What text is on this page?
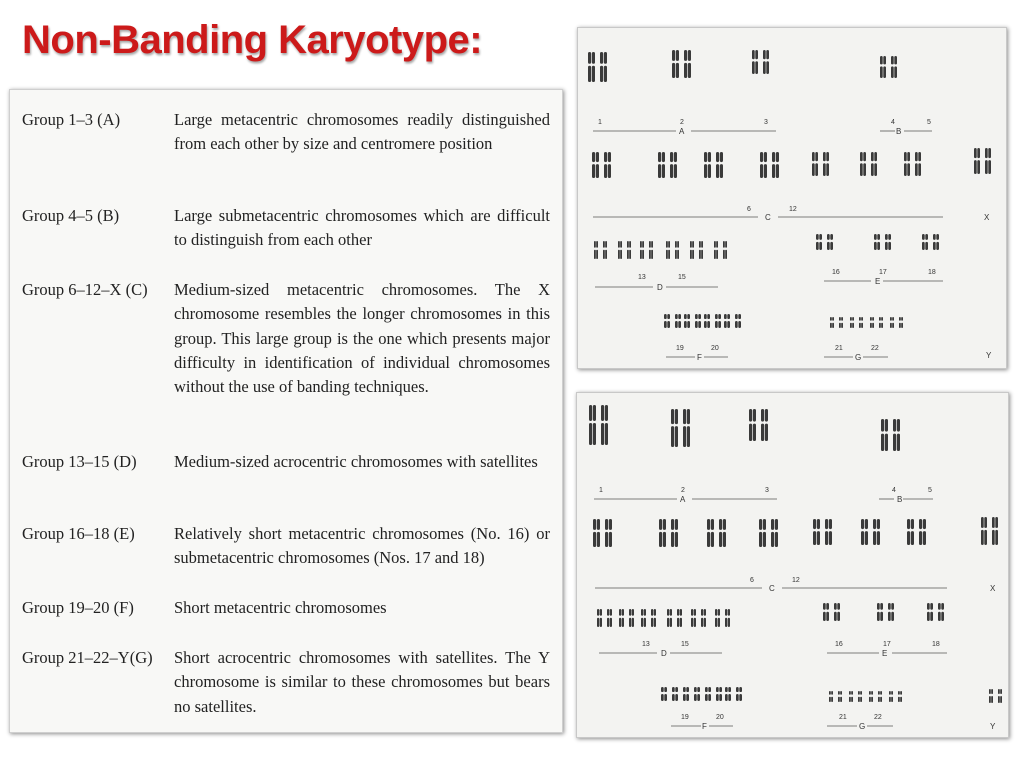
Non-Banding Karyotype:
Group 1–3 (A)	Large metacentric chromosomes readily distinguished from each other by size and centromere position
Group 4–5 (B)	Large submetacentric chromosomes which are difficult to distinguish from each other
Group 6–12–X (C) Medium-sized metacentric chromosomes. The X chromosome resembles the longer chromosomes in this group. This large group is the one which presents major difficulty in identification of individual chromosomes without the use of banding techniques.
Group 13–15 (D) Medium-sized acrocentric chromosomes with satellites
Group 16–18 (E) Relatively short metacentric chromosomes (No. 16) or submetacentric chromosomes (Nos. 17 and 18)
Group 19–20 (F) Short metacentric chromosomes
Group 21–22–Y(G) Short acrocentric chromosomes with satellites. The Y chromosome is similar to these chromosomes but bears no satellites.
1	2	3
A
4	5
B
6	12
C	X
13	15
D
16	17	18
E
19	20
F
21	22
G	Y
1	2	3
A
4	5
B
6	12
C	X
13	15
D
16	17	18
E
19	20
F
21	22
G	Y
